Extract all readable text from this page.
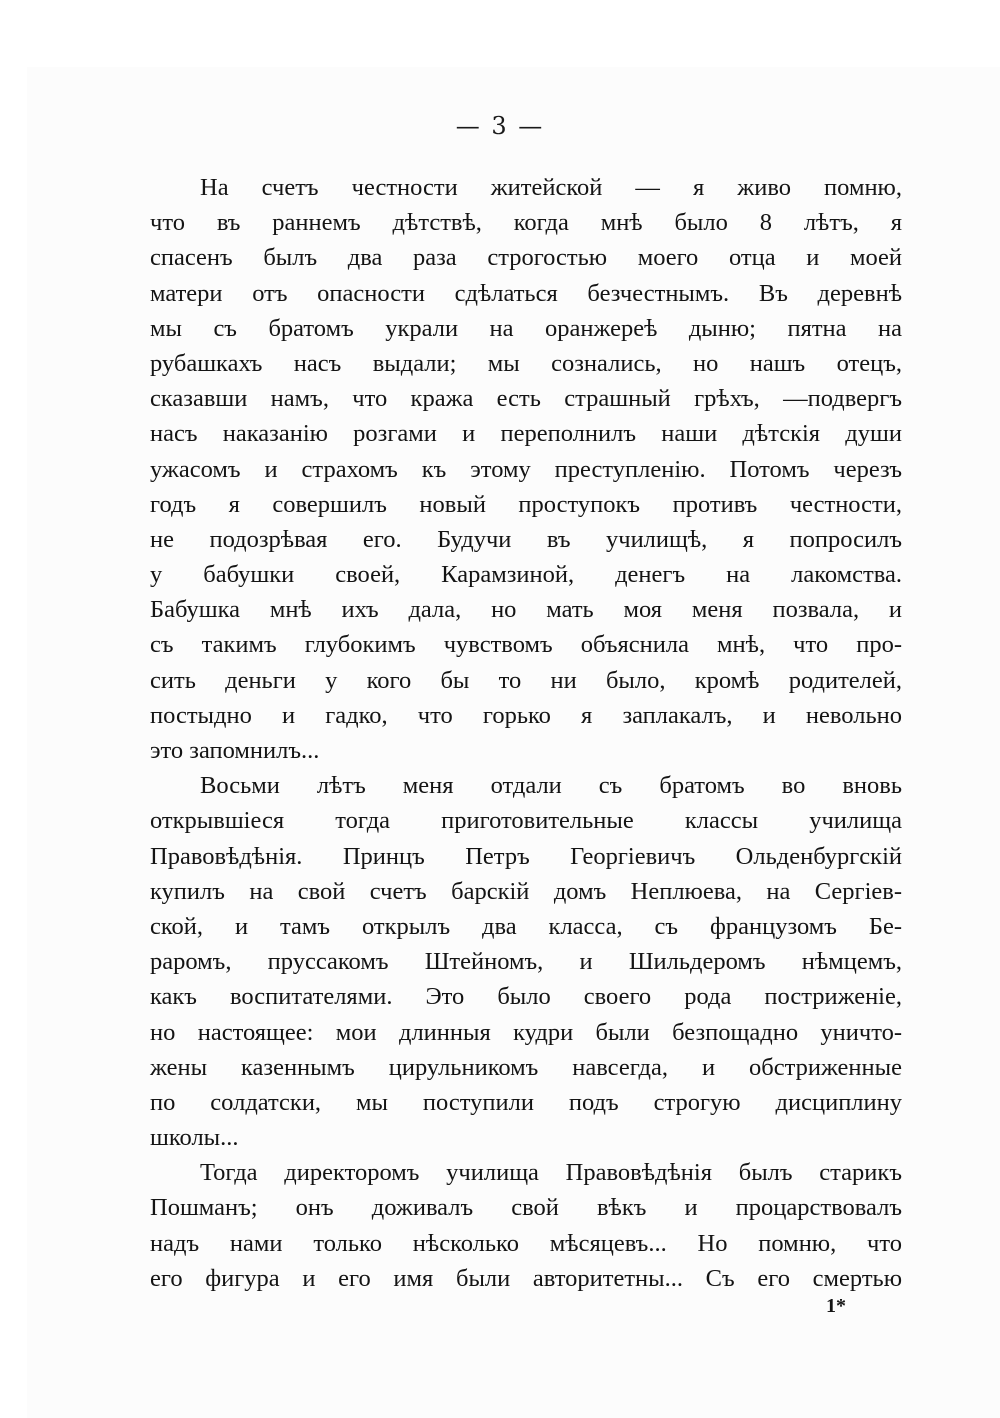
— 3 —
На счетъ честности житейской — я живо помню,
что въ раннемъ дѣтствѣ, когда мнѣ было 8 лѣтъ, я
спасенъ былъ два раза строгостью моего отца и моей
матери отъ опасности сдѣлаться безчестнымъ. Въ деревнѣ
мы съ братомъ украли на оранжереѣ дыню; пятна на
рубашкахъ насъ выдали; мы сознались, но нашъ отецъ,
сказавши намъ, что кража есть страшный грѣхъ, —подвергъ
насъ наказанію розгами и переполнилъ наши дѣтскія души
ужасомъ и страхомъ къ этому преступленію. Потомъ черезъ
годъ я совершилъ новый проступокъ противъ честности,
не подозрѣвая его. Будучи въ училищѣ, я попросилъ
у бабушки своей, Карамзиной, денегъ на лакомства.
Бабушка мнѣ ихъ дала, но мать моя меня позвала, и
съ такимъ глубокимъ чувствомъ объяснила мнѣ, что про-
сить деньги у кого бы то ни было, кромѣ родителей,
постыдно и гадко, что горько я заплакалъ, и невольно
это запомнилъ...
Восьми лѣтъ меня отдали съ братомъ во вновь
открывшіеся тогда приготовительные классы училища
Правовѣдѣнія. Принцъ Петръ Георгіевичъ Ольденбургскій
купилъ на свой счетъ барскій домъ Неплюева, на Сергіев-
ской, и тамъ открылъ два класса, съ французомъ Бе-
раромъ, пруссакомъ Штейномъ, и Шильдеромъ нѣмцемъ,
какъ воспитателями. Это было своего рода постриженіе,
но настоящее: мои длинныя кудри были безпощадно уничто-
жены казеннымъ цирульникомъ навсегда, и обстриженные
по солдатски, мы поступили подъ строгую дисциплину
школы...
Тогда директоромъ училища Правовѣдѣнія былъ старикъ
Пошманъ; онъ доживалъ свой вѣкъ и процарствовалъ
надъ нами только нѣсколько мѣсяцевъ... Но помню, что
его фигура и его имя были авторитетны... Съ его смертью
1*
